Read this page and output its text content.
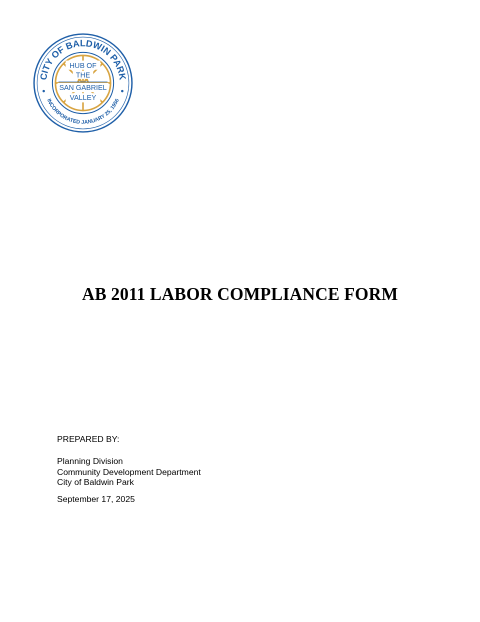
CITY OF BALDWIN PARK
INCORPORATED JANUARY 25, 1956
HUB OF
THE
SAN GABRIEL
VALLEY
AB 2011 LABOR COMPLIANCE FORM
PREPARED BY:
Planning Division
Community Development Department
City of Baldwin Park
September 17, 2025
